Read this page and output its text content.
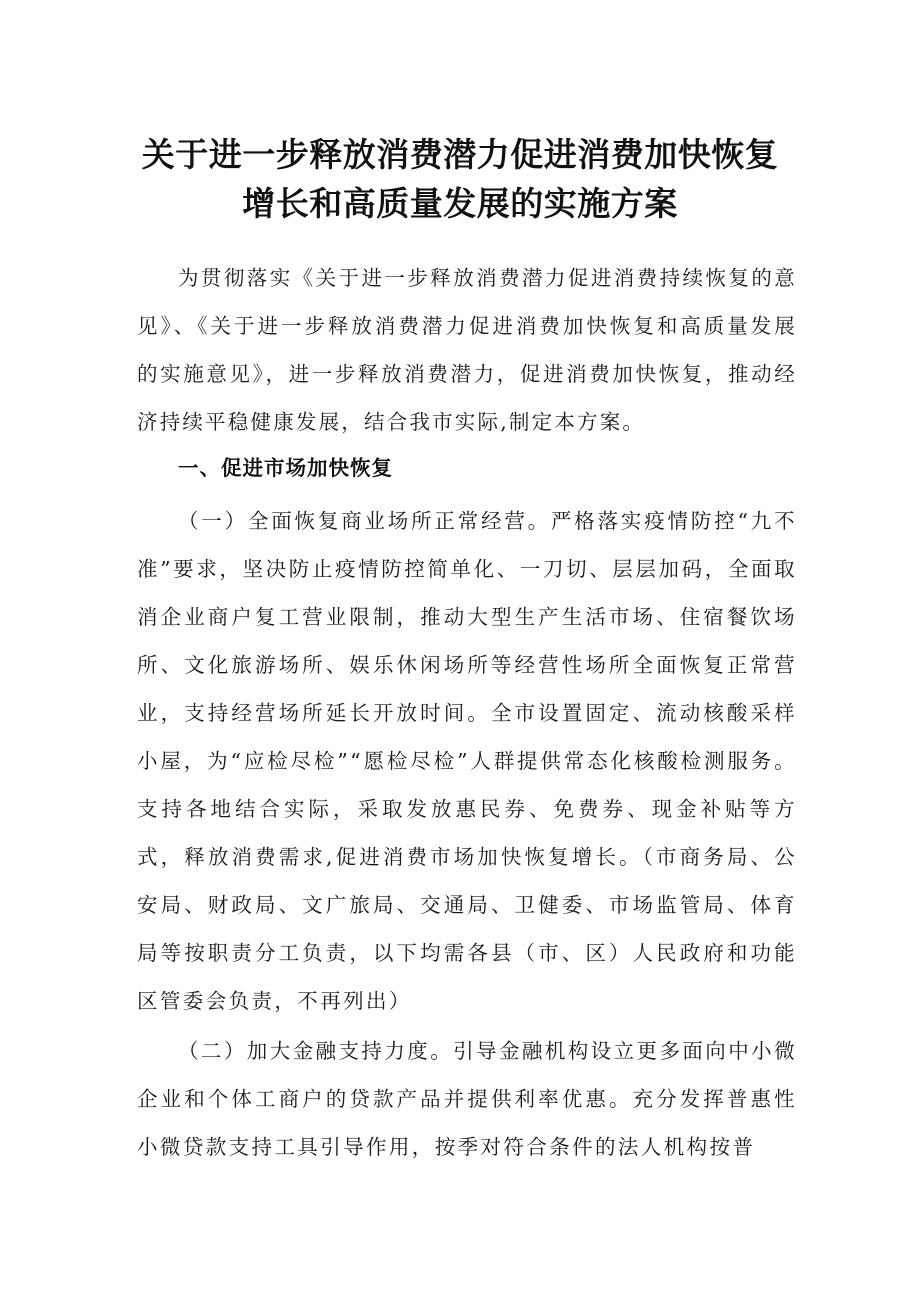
关于进一步释放消费潜力促进消费加快恢复
增长和高质量发展的实施方案

为贯彻落实《关于进一步释放消费潜力促进消费持续恢复的意见》、《关于进一步释放消费潜力促进消费加快恢复和高质量发展的实施意见》，进一步释放消费潜力，促进消费加快恢复，推动经济持续平稳健康发展，结合我市实际,制定本方案。

一、促进市场加快恢复

（一）全面恢复商业场所正常经营。严格落实疫情防控“九不准”要求，坚决防止疫情防控简单化、一刀切、层层加码，全面取消企业商户复工营业限制，推动大型生产生活市场、住宿餐饮场所、文化旅游场所、娱乐休闲场所等经营性场所全面恢复正常营业，支持经营场所延长开放时间。全市设置固定、流动核酸采样小屋，为“应检尽检”“愿检尽检”人群提供常态化核酸检测服务。支持各地结合实际，采取发放惠民券、免费券、现金补贴等方式，释放消费需求,促进消费市场加快恢复增长。（市商务局、公安局、财政局、文广旅局、交通局、卫健委、市场监管局、体育局等按职责分工负责，以下均需各县（市、区）人民政府和功能区管委会负责，不再列出）

（二）加大金融支持力度。引导金融机构设立更多面向中小微企业和个体工商户的贷款产品并提供利率优惠。充分发挥普惠性小微贷款支持工具引导作用，按季对符合条件的法人机构按普
